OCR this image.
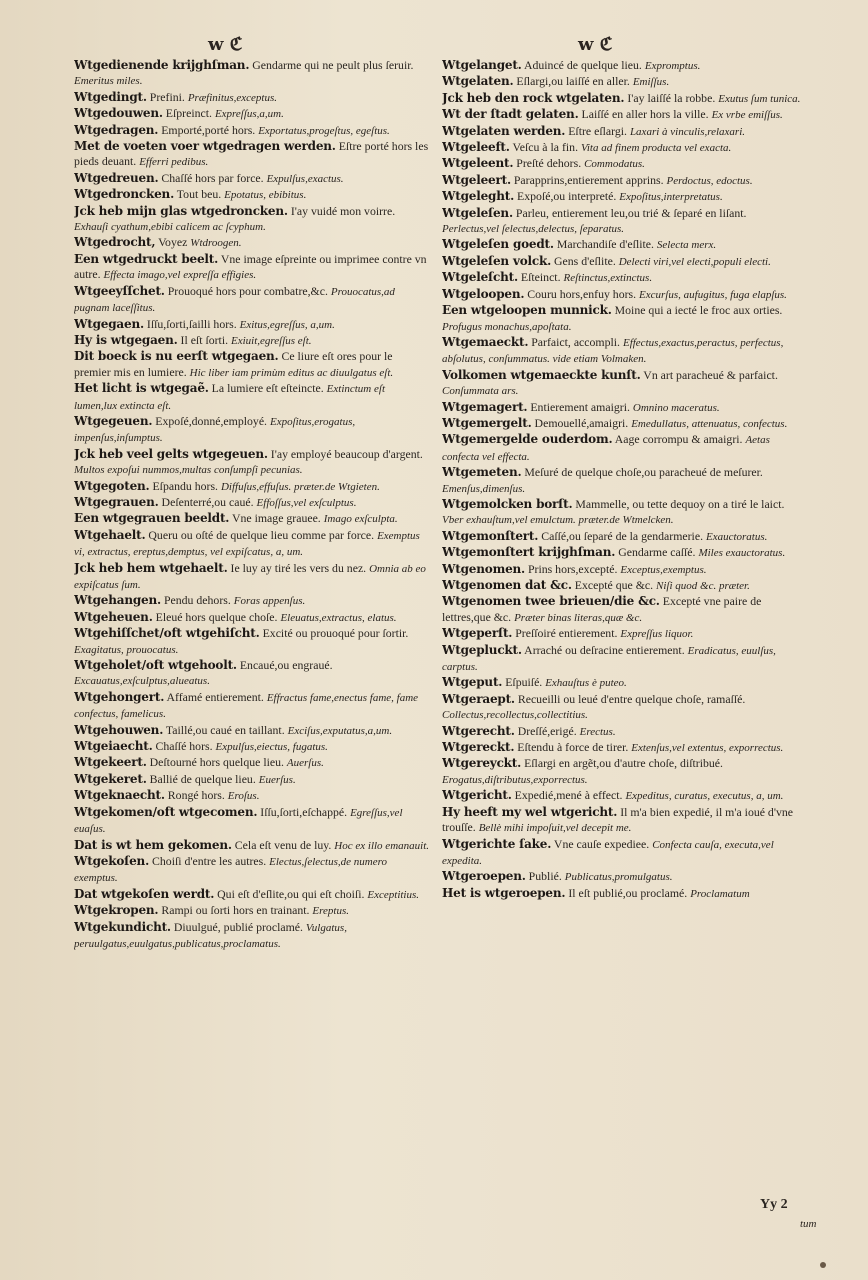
w ℭ	w ℭ

Wtgedienende krijghſman. Gendarme qui ne peult plus ſeruir. Emeritus miles.

Wtgedingt. Prefini. Præfinitus,exceptus.

Wtgedouwen. Eſpreinct. Expreſſus,a,um.

Wtgedragen. Emporté,porté hors. Exportatus,progeſtus, egeſtus.

Met de voeten voer wtgedragen werden. Eſtre porté hors les pieds deuant. Efferri pedibus.

Wtgedreuen. Chaſſé hors par force. Expulſus,exactus.

Wtgedroncken. Tout beu. Epotatus, ebibitus.

Jck heb mijn glas wtgedroncken. I'ay vuidé mon voirre. Exhauſi cyathum,ebibi calicem ac ſcyphum.

Wtgedrocht, Voyez Wtdroogen.

Een wtgedruckt beelt. Vne image eſpreinte ou imprimee contre vn autre. Effecta imago,vel expreſſa effigies.

Wtgeeyſſchet. Prouoqué hors pour combatre,&c. Prouocatus,ad pugnam laceſſitus.

Wtgegaen. Iſſu,ſorti,ſailli hors. Exitus,egreſſus, a,um.

Hy is wtgegaen. Il eſt ſorti. Exiuit,egreſſus eſt.

Dit boeck is nu eerſt wtgegaen. Ce liure eſt ores pour le premier mis en lumiere. Hic liber iam primùm editus ac diuulgatus eſt.

Het licht is wtgegaẽ. La lumiere eſt eſteincte. Extinctum eſt lumen,lux extincta eſt.

Wtgegeuen. Expoſé,donné,employé. Expoſitus,erogatus, impenſus,inſumptus.

Jck heb veel gelts wtgegeuen. I'ay employé beaucoup d'argent. Multos expoſui nummos,multas conſumpſi pecunias.

Wtgegoten. Eſpandu hors. Diffuſus,effuſus. præter.de Wtgieten.

Wtgegrauen. Deſenterré,ou caué. Effoſſus,vel exſculptus.

Een wtgegrauen beeldt. Vne image grauee. Imago exſculpta.

Wtgehaelt. Queru ou oſté de quelque lieu comme par force. Exemptus vi, extractus, ereptus,demptus, vel expiſcatus, a, um.

Jck heb hem wtgehaelt. Ie luy ay tiré les vers du nez. Omnia ab eo expiſcatus ſum.

Wtgehangen. Pendu dehors. Foras appenſus.

Wtgeheuen. Eleué hors quelque choſe. Eleuatus,extractus, elatus.

Wtgehiſſchet/oft wtgehiſcht. Excité ou prouoqué pour ſortir. Exagitatus, prouocatus.

Wtgeholet/oft wtgehoolt. Encaué,ou engraué. Excauatus,exſculptus,alueatus.

Wtgehongert. Affamé entierement. Effractus fame,enectus fame, fame confectus, famelicus.

Wtgehouwen. Taillé,ou caué en taillant. Exciſus,exputatus,a,um.

Wtgeiaecht. Chaſſé hors. Expulſus,eiectus, fugatus.

Wtgekeert. Deſtourné hors quelque lieu. Auerſus.

Wtgekeret. Ballié de quelque lieu. Euerſus.

Wtgeknaecht. Rongé hors. Eroſus.

Wtgekomen/oft wtgecomen. Iſſu,ſorti,eſchappé. Egreſſus,vel euaſus.

Dat is wt hem gekomen. Cela eſt venu de luy. Hoc ex illo emanauit.

Wtgekoſen. Choiſi d'entre les autres. Electus,ſelectus,de numero exemptus.

Dat wtgekoſen werdt. Qui eſt d'eſlite,ou qui eſt choiſi. Exceptitius.

Wtgekropen. Rampi ou ſorti hors en trainant. Ereptus.

Wtgekundicht. Diuulgué, publié proclamé. Vulgatus, peruulgatus,euulgatus,publicatus,proclamatus.

Wtgelanget. Aduincé de quelque lieu. Expromptus.

Wtgelaten. Eſlargi,ou laiſſé en aller. Emiſſus.

Jck heb den rock wtgelaten. I'ay laiſſé la robbe. Exutus ſum tunica.

Wt der ſtadt gelaten. Laiſſé en aller hors la ville. Ex vrbe emiſſus.

Wtgelaten werden. Eſtre eſlargi. Laxari à vinculis,relaxari.

Wtgeleeft. Veſcu à la fin. Vita ad finem producta vel exacta.

Wtgeleent. Preſté dehors. Commodatus.

Wtgeleert. Parapprins,entierement apprins. Perdoctus, edoctus.

Wtgeleght. Expoſé,ou interpreté. Expoſitus,interpretatus.

Wtgeleſen. Parleu, entierement leu,ou trié & ſeparé en liſant. Perlectus,vel ſelectus,delectus, ſeparatus.

Wtgeleſen goedt. Marchandiſe d'eſlite. Selecta merx.

Wtgeleſen volck. Gens d'eſlite. Delecti viri,vel electi,populi electi.

Wtgeleſcht. Eſteinct. Reſtinctus,extinctus.

Wtgeloopen. Couru hors,enfuy hors. Excurſus, aufugitus, fuga elapſus.

Een wtgeloopen munnick. Moine qui a iecté le froc aux orties. Profugus monachus,apoſtata.

Wtgemaeckt. Parfaict, accompli. Effectus,exactus,peractus, perfectus, abſolutus, conſummatus. vide etiam Volmaken.

Volkomen wtgemaeckte kunſt. Vn art paracheué & parfaict. Conſummata ars.

Wtgemagert. Entierement amaigri. Omnino maceratus.

Wtgemergelt. Demouellé,amaigri. Emedullatus, attenuatus, confectus.

Wtgemergelde ouderdom. Aage corrompu & amaigri. Aetas confecta vel effecta.

Wtgemeten. Meſuré de quelque choſe,ou paracheué de meſurer. Emenſus,dimenſus.

Wtgemolcken borſt. Mammelle, ou tette dequoy on a tiré le laict. Vber exhauſtum,vel emulctum. præter.de Wtmelcken.

Wtgemonſtert. Caſſé,ou ſeparé de la gendarmerie. Exauctoratus.

Wtgemonſtert krijghſman. Gendarme caſſé. Miles exauctoratus.

Wtgenomen. Prins hors,excepté. Exceptus,exemptus.

Wtgenomen dat &c. Excepté que &c. Niſi quod &c. præter.

Wtgenomen twee brieuen/die &c. Excepté vne paire de lettres,que &c. Præter binas literas,quæ &c.

Wtgeperſt. Preſſoiré entierement. Expreſſus liquor.

Wtgepluckt. Arraché ou deſracine entierement. Eradicatus, euulſus, carptus.

Wtgeput. Eſpuiſé. Exhauſtus è puteo.

Wtgeraept. Recueilli ou leué d'entre quelque choſe, ramaſſé. Collectus,recollectus,collectitius.

Wtgerecht. Dreſſé,erigé. Erectus.

Wtgereckt. Eſtendu à force de tirer. Extenſus,vel extentus, exporrectus.

Wtgereyckt. Eſlargi en argẽt,ou d'autre choſe, diſtribué. Erogatus,diſtributus,exporrectus.

Wtgericht. Expedié,mené à effect. Expeditus, curatus, executus, a, um.

Hy heeft my wel wtgericht. Il m'a bien expedié, il m'a ioué d'vne trouſſe. Bellè mihi impoſuit,vel decepit me.

Wtgerichte ſake. Vne cauſe expediee. Confecta cauſa, executa,vel expedita.

Wtgeroepen. Publié. Publicatus,promulgatus.

Het is wtgeroepen. Il eſt publié,ou proclamé. Proclamatum

Yy 2
tum
